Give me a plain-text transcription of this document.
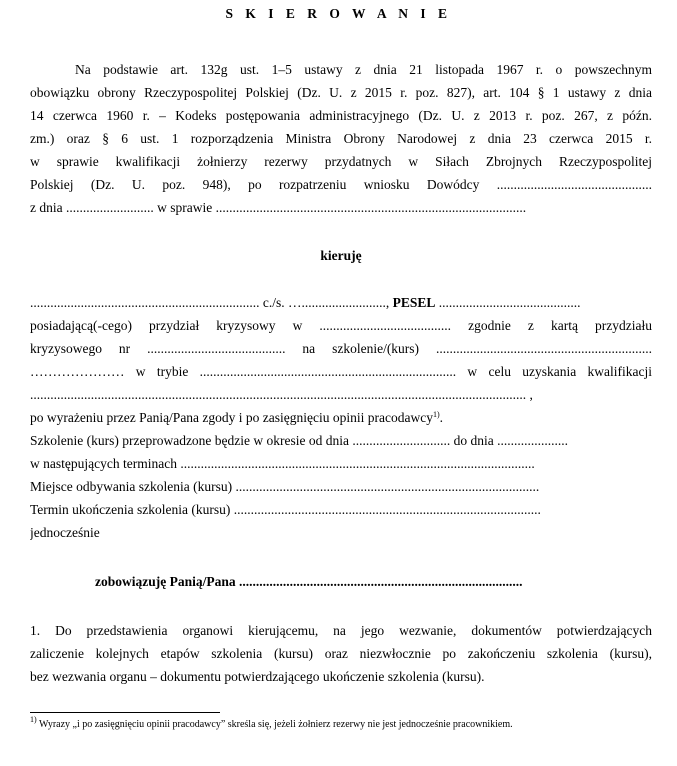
S K I E R O W A N I E
Na podstawie art. 132g ust. 1–5 ustawy z dnia 21 listopada 1967 r. o powszechnym
obowiązku obrony Rzeczypospolitej Polskiej (Dz. U. z 2015 r. poz. 827), art. 104 § 1 ustawy z dnia
14 czerwca 1960 r. – Kodeks postępowania administracyjnego (Dz. U. z 2013 r. poz. 267, z późn.
zm.) oraz § 6 ust. 1 rozporządzenia Ministra Obrony Narodowej z dnia 23 czerwca 2015 r.
w sprawie kwalifikacji żołnierzy rezerwy przydatnych w Siłach Zbrojnych Rzeczypospolitej
Polskiej (Dz. U. poz. 948), po rozpatrzeniu wniosku Dowódcy ..............................................
z dnia .......................... w sprawie ............................................................................................
kieruję
.................................................................... c./s. …........................., PESEL ..........................................
posiadającą(-cego) przydział kryzysowy w ....................................... zgodnie z kartą przydziału
kryzysowego nr ......................................... na szkolenie/(kurs) ................................................................
………………… w trybie ............................................................................ w celu uzyskania kwalifikacji
................................................................................................................................................... ,
po wyrażeniu przez Panią/Pana zgody i po zasięgnięciu opinii pracodawcy$^{1)}$.
Szkolenie (kurs) przeprowadzone będzie w okresie od dnia ............................. do dnia .....................
w następujących terminach .........................................................................................................
Miejsce odbywania szkolenia (kursu) ..........................................................................................
Termin ukończenia szkolenia (kursu) ...........................................................................................
jednocześnie
zobowiązuję Panią/Pana ....................................................................................
1. Do przedstawienia organowi kierującemu, na jego wezwanie, dokumentów potwierdzających
zaliczenie kolejnych etapów szkolenia (kursu) oraz niezwłocznie po zakończeniu szkolenia (kursu),
bez wezwania organu – dokumentu potwierdzającego ukończenie szkolenia (kursu).
$^{1)}$ Wyrazy „i po zasięgnięciu opinii pracodawcy” skreśla się, jeżeli żołnierz rezerwy nie jest jednocześnie pracownikiem.
